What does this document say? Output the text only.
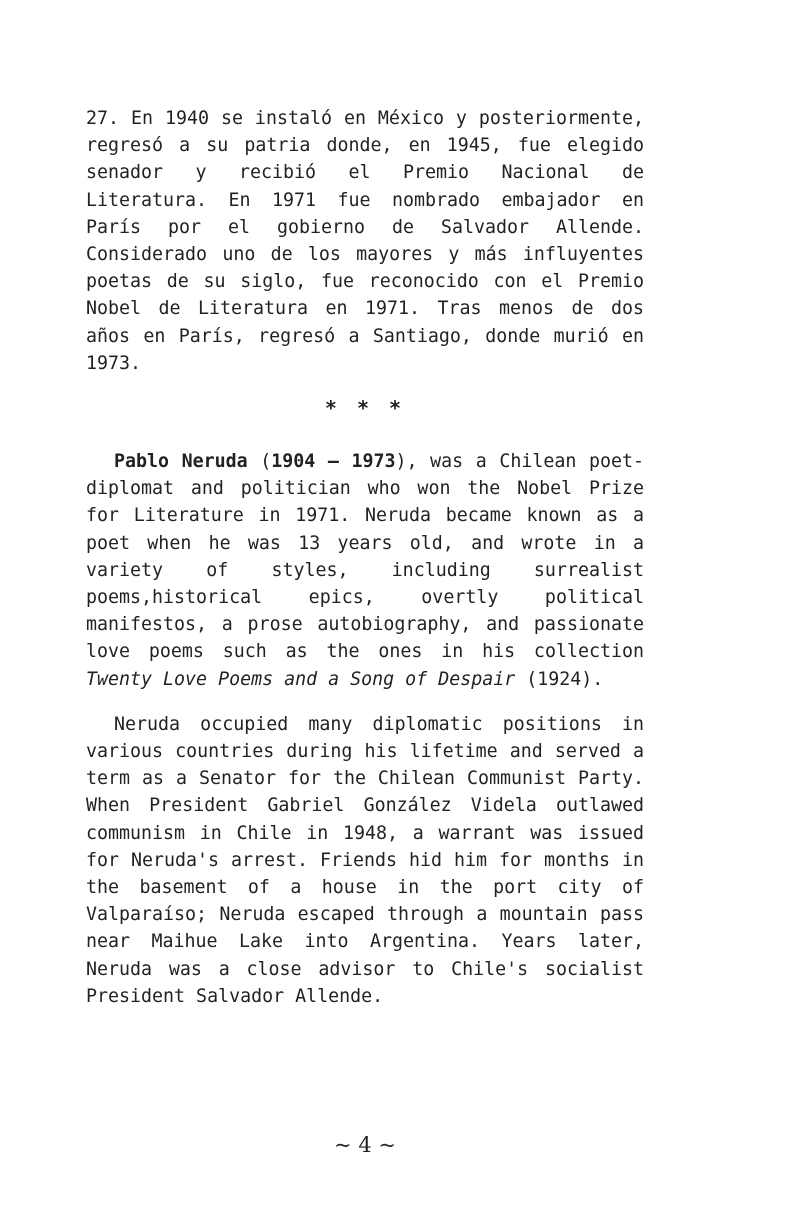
27. En 1940 se instaló en México y posteriormente, regresó a su patria donde, en 1945, fue elegido senador y recibió el Premio Nacional de Literatura. En 1971 fue nombrado embajador en París por el gobierno de Salvador Allende. Considerado uno de los mayores y más influyentes poetas de su siglo, fue reconocido con el Premio Nobel de Literatura en 1971. Tras menos de dos años en París, regresó a Santiago, donde murió en 1973.

* * *

Pablo Neruda (1904 – 1973), was a Chilean poet-diplomat and politician who won the Nobel Prize for Literature in 1971. Neruda became known as a poet when he was 13 years old, and wrote in a variety of styles, including surrealist poems,historical epics, overtly political manifestos, a prose autobiography, and passionate love poems such as the ones in his collection Twenty Love Poems and a Song of Despair (1924).

Neruda occupied many diplomatic positions in various countries during his lifetime and served a term as a Senator for the Chilean Communist Party. When President Gabriel González Videla outlawed communism in Chile in 1948, a warrant was issued for Neruda's arrest. Friends hid him for months in the basement of a house in the port city of Valparaíso; Neruda escaped through a mountain pass near Maihue Lake into Argentina. Years later, Neruda was a close advisor to Chile's socialist President Salvador Allende.

~ 4 ~
